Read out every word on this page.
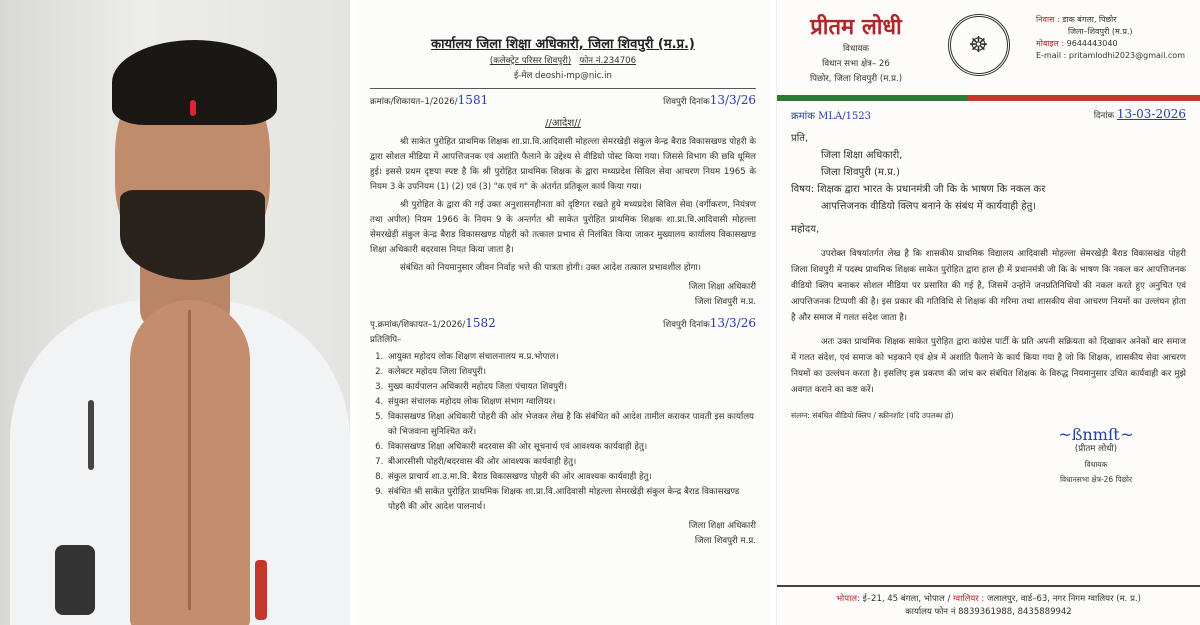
कार्यालय जिला शिक्षा अधिकारी, जिला शिवपुरी (म.प्र.)
(कलेक्ट्रेट परिसर शिवपुरी) फोन नं.234706
ई-मेल deoshi-mp@nic.in
क्रमांक/शिकायत–1/2026/1581	शिवपुरी दिनांक13/3/26
//आदेश//

श्री साकेत पुरोहित प्राथमिक शिक्षक शा.प्रा.वि.आदिवासी मोहल्ला सेमरखेड़ी संकुल केन्द्र बैराड विकासखण्ड पोहरी के द्वारा सोशल मीडिया में आपत्तिजनक एवं अशांति फैलाने के उद्देश्य से वीडियो पोस्ट किया गया। जिससे विभाग की छवि धूमिल हुई। इससे प्रथम दृष्टया स्पष्ट है कि श्री पुरोहित प्राथमिक शिक्षक के द्वारा मध्यप्रदेश सिविल सेवा आचरण नियम 1965 के नियम 3 के उपनियम (1) (2) एवं (3) "क एवं ग" के अंतर्गत प्रतिकूल कार्य किया गया।

श्री पुरोहित के द्वारा की गई उक्त अनुशासनहीनता को दृष्टिगत रखते हुये मध्यप्रदेश सिविल सेवा (वर्गीकरण, नियंत्रण तथा अपील) नियम 1966 के नियम 9 के अन्तर्गत श्री साकेत पुरोहित प्राथमिक शिक्षक शा.प्रा.वि.आदिवासी मोहल्ला सेमरखेड़ी संकुल केन्द्र बैराड विकासखण्ड पोहरी को तत्काल प्रभाव से निलंबित किया जाकर मुख्यालय कार्यालय विकासखण्ड शिक्षा अधिकारी बदरवास नियत किया जाता है।

संबंधित को नियमानुसार जीवन निर्वाह भत्ते की पात्रता होगी। उक्त आदेश तत्काल प्रभावशील होगा।

जिला शिक्षा अधिकारी
जिला शिवपुरी म.प्र.
पृ.क्रमांक/शिकायत–1/2026/1582	शिवपुरी दिनांक13/3/26
प्रतिलिपि–
1. आयुक्त महोदय लोक शिक्षण संचालनालय म.प्र.भोपाल।
2. कलेक्टर महोदय जिला शिवपुरी।
3. मुख्य कार्यपालन अधिकारी महोदय जिला पंचायत शिवपुरी।
4. संयुक्त संचालक महोदय लोक शिक्षण संभाग ग्वालियर।
5. विकासखण्ड शिक्षा अधिकारी पोहरी की ओर भेजकर लेख है कि संबंधित को आदेश तामील कराकर पावती इस कार्यालय को भिजवाना सुनिश्चित करें।
6. विकासखण्ड शिक्षा अधिकारी बदरवास की ओर सूचनार्थ एवं आवश्यक कार्यवाही हेतु।
7. बीआरसीसी पोहरी/बदरवास की ओर आवश्यक कार्यवाही हेतु।
8. संकुल प्राचार्य शा.उ.मा.वि. बैराड विकासखण्ड पोहरी की ओर आवश्यक कार्यवाही हेतु।
9. संबंधित श्री साकेत पुरोहित प्राथमिक शिक्षक शा.प्रा.वि.आदिवासी मोहल्ला सेमरखेड़ी संकुल केन्द्र बैराड विकासखण्ड पोहरी की ओर आदेश पालनार्थ।
जिला शिक्षा अधिकारी
जिला शिवपुरी म.प्र.
प्रीतम लोधी
विधायक
विधान सभा क्षेत्र– 26
पिछोर, जिला शिवपुरी (म.प्र.)
☸
निवास : डाक बंगला, पिछोर
जिला–शिवपुरी (म.प्र.)
मोबाइल : 9644443040
E-mail : pritamlodhi2023@gmail.com
क्रमांक MLA/1523	दिनांक 13-03-2026
प्रति,
जिला शिक्षा अधिकारी,
जिला शिवपुरी (म.प्र.)
विषय: शिक्षक द्वारा भारत के प्रधानमंत्री जी कि के भाषण कि नकल कर
आपत्तिजनक वीडियो क्लिप बनाने के संबंध में कार्यवाही हेतु।
महोदय,

उपरोक्त विषयांतर्गत लेख है कि शासकीय प्राथमिक विद्यालय आदिवासी मोहल्ला सेमरखेड़ी बैराड विकासखंड पोहरी जिला शिवपुरी में पदस्थ प्राथमिक शिक्षक साकेत पुरोहित द्वारा हाल ही में प्रधानमंत्री जी कि के भाषण कि नकल कर आपत्तिजनक वीडियो क्लिप बनाकर सोशल मीडिया पर प्रसारित की गई है, जिसमें उन्होंने जनप्रतिनिधियों की नकल करते हुए अनुचित एवं आपत्तिजनक टिप्पणी की है। इस प्रकार की गतिविधि से शिक्षक की गरिमा तथा शासकीय सेवा आचरण नियमों का उल्लंघन होता है और समाज में गलत संदेश जाता है।

अतः उक्त प्राथमिक शिक्षक साकेत पुरोहित द्वारा कांग्रेस पार्टी के प्रति अपनी सक्रियता को दिखाकर अनेकों बार समाज में गलत संदेश, एवं समाज को भड़काने एवं क्षेत्र में अशांति फैलाने के कार्य किया गया है जो कि शिक्षक, शासकीय सेवा आचरण नियमों का उल्लंघन करता है। इसलिए इस प्रकरण की जांच कर संबंधित शिक्षक के विरुद्ध नियमानुसार उचित कार्यवाही कर मुझे अवगत कराने का कष्ट करें।

संलग्न: संबंधित वीडियो क्लिप / स्क्रीनशॉट (यदि उपलब्ध हो)
~ßnmﬅ~
(प्रीतम लोधी)
विधायक
विधानसभा क्षेत्र-26 पिछोर
भोपाल: ई–21, 45 बंगला, भोपाल / ग्वालियर : जलालपुर, वार्ड–63, नगर निगम ग्वालियर (म. प्र.)
कार्यालय फोन नं 8839361988, 8435889942
